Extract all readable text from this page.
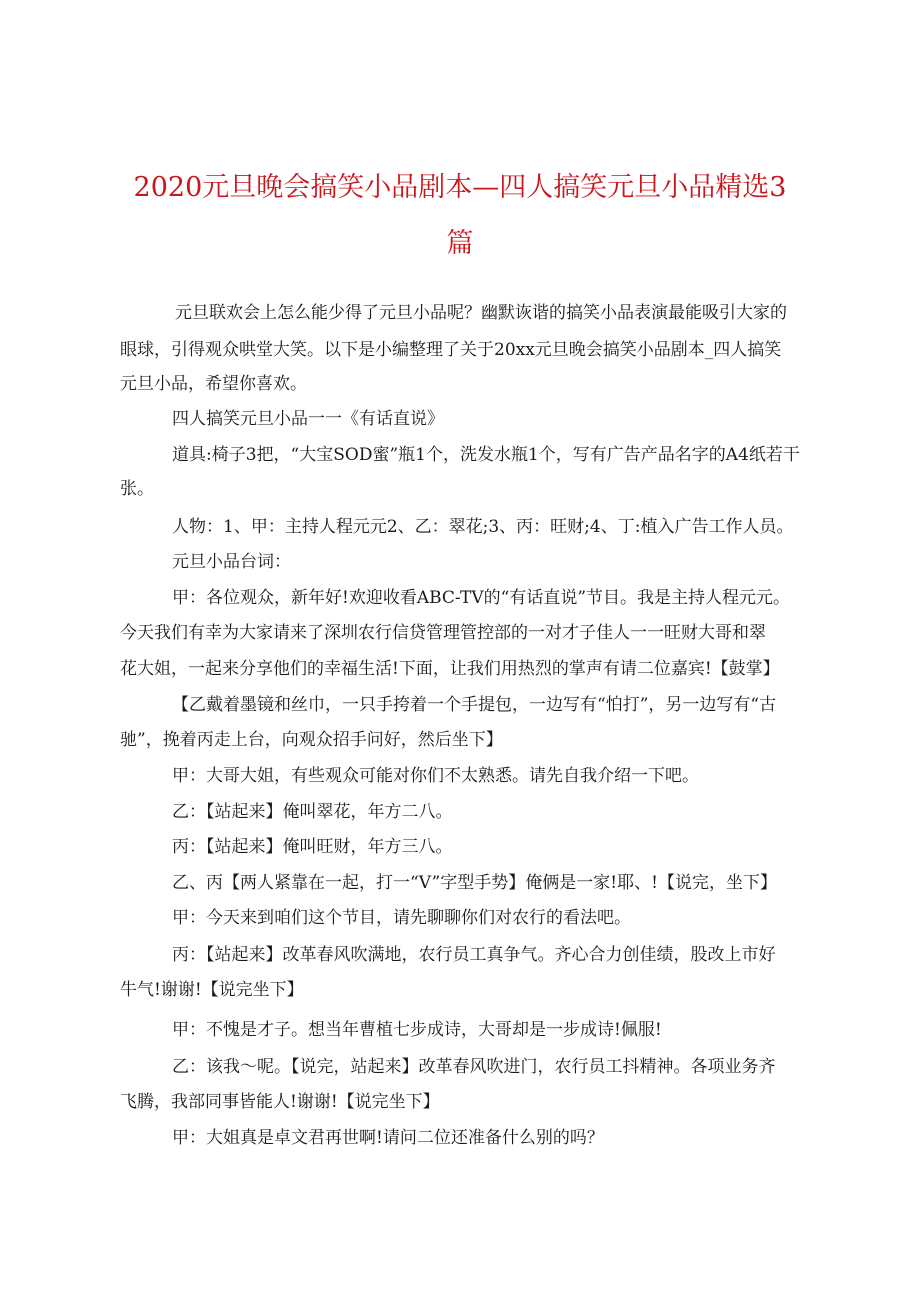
2020元旦晚会搞笑小品剧本—四人搞笑元旦小品精选3
篇
元旦联欢会上怎么能少得了元旦小品呢？幽默诙谐的搞笑小品表演最能吸引大家的
眼球，引得观众哄堂大笑。以下是小编整理了关于20xx元旦晚会搞笑小品剧本_四人搞笑
元旦小品，希望你喜欢。
四人搞笑元旦小品一一《有话直说》
道具:椅子3把，“大宝SOD蜜”瓶1个，洗发水瓶1个，写有广告产品名字的A4纸若干
张。
人物：1、甲：主持人程元元2、乙：翠花;3、丙：旺财;4、丁:植入广告工作人员。
元旦小品台词：
甲：各位观众，新年好!欢迎收看ABC-TV的“有话直说”节目。我是主持人程元元。
今天我们有幸为大家请来了深圳农行信贷管理管控部的一对才子佳人一一旺财大哥和翠
花大姐，一起来分享他们的幸福生活!下面，让我们用热烈的掌声有请二位嘉宾!【鼓掌】
【乙戴着墨镜和丝巾，一只手挎着一个手提包，一边写有“怕打”，另一边写有“古
驰”，挽着丙走上台，向观众招手问好，然后坐下】
甲：大哥大姐，有些观众可能对你们不太熟悉。请先自我介绍一下吧。
乙：【站起来】俺叫翠花，年方二八。
丙：【站起来】俺叫旺财，年方三八。
乙、丙【两人紧靠在一起，打一“V”字型手势】俺俩是一家!耶、!【说完，坐下】
甲：今天来到咱们这个节目，请先聊聊你们对农行的看法吧。
丙：【站起来】改革春风吹满地，农行员工真争气。齐心合力创佳绩，股改上市好
牛气!谢谢!【说完坐下】
甲：不愧是才子。想当年曹植七步成诗，大哥却是一步成诗!佩服!
乙：该我～呢。【说完，站起来】改革春风吹进门，农行员工抖精神。各项业务齐
飞腾，我部同事皆能人!谢谢!【说完坐下】
甲：大姐真是卓文君再世啊!请问二位还准备什么别的吗？
